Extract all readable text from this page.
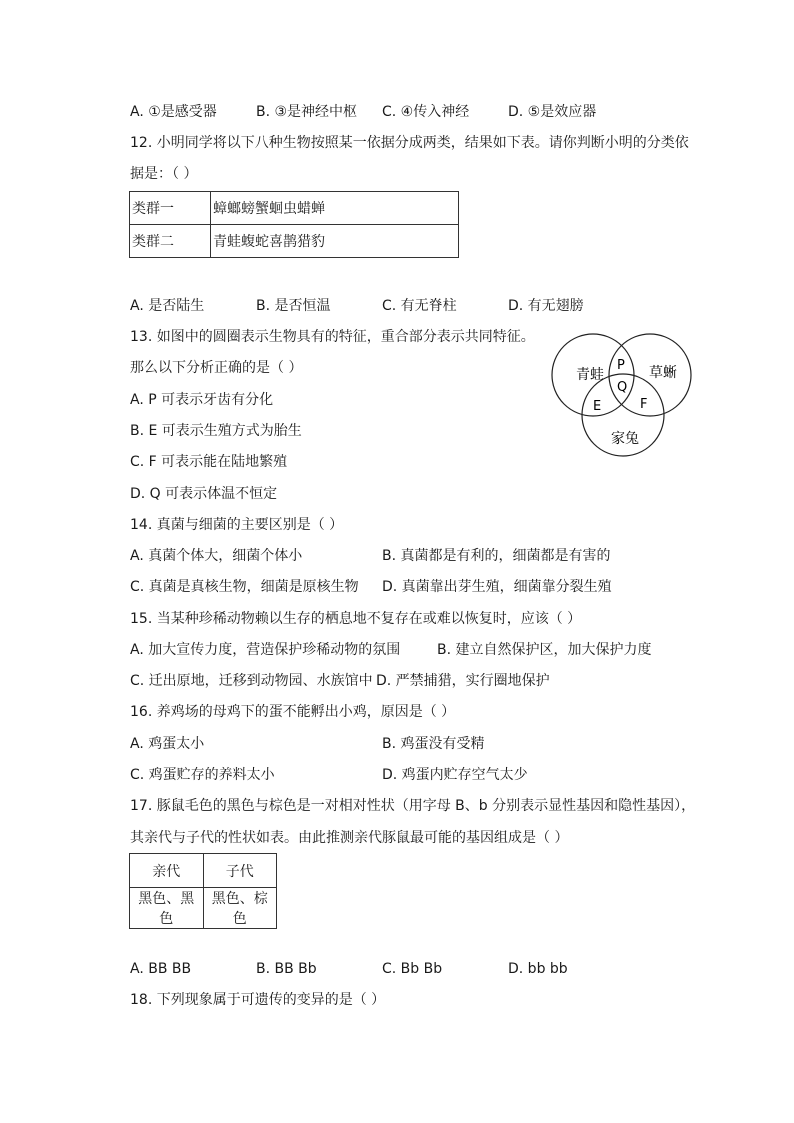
A. ①是感受器	B. ③是神经中枢 C. ④传入神经	D. ⑤是效应器
12. 小明同学将以下八种生物按照某一依据分成两类，结果如下表。请你判断小明的分类依
据是：（ ）
类群一	蟑螂螃蟹蛔虫蜡蝉
类群二	青蛙蝮蛇喜鹊猎豹
A. 是否陆生	B. 是否恒温	C. 有无脊柱	D. 有无翅膀
13. 如图中的圆圈表示生物具有的特征，重合部分表示共同特征。
那么以下分析正确的是（ ）
A. P 可表示牙齿有分化
B. E 可表示生殖方式为胎生
C. F 可表示能在陆地繁殖
D. Q 可表示体温不恒定
青蛙	草蜥
家兔
P
Q
E	F
14. 真菌与细菌的主要区别是（ ）
A. 真菌个体大，细菌个体小	B. 真菌都是有利的，细菌都是有害的
C. 真菌是真核生物，细菌是原核生物 D. 真菌靠出芽生殖，细菌靠分裂生殖
15. 当某种珍稀动物赖以生存的栖息地不复存在或难以恢复时，应该（ ）
A. 加大宣传力度，营造保护珍稀动物的氛围	B. 建立自然保护区，加大保护力度
C. 迁出原地，迁移到动物园、水族馆中 D. 严禁捕猎，实行圈地保护
16. 养鸡场的母鸡下的蛋不能孵出小鸡，原因是（ ）
A. 鸡蛋太小	B. 鸡蛋没有受精
C. 鸡蛋贮存的养料太小	D. 鸡蛋内贮存空气太少
17. 豚鼠毛色的黑色与棕色是一对相对性状（用字母 B、b 分别表示显性基因和隐性基因），
其亲代与子代的性状如表。由此推测亲代豚鼠最可能的基因组成是（ ）
亲代	子代
黑色、黑色	黑色、棕色
A. BB BB	B. BB Bb	C. Bb Bb	D. bb bb
18. 下列现象属于可遗传的变异的是（ ）
